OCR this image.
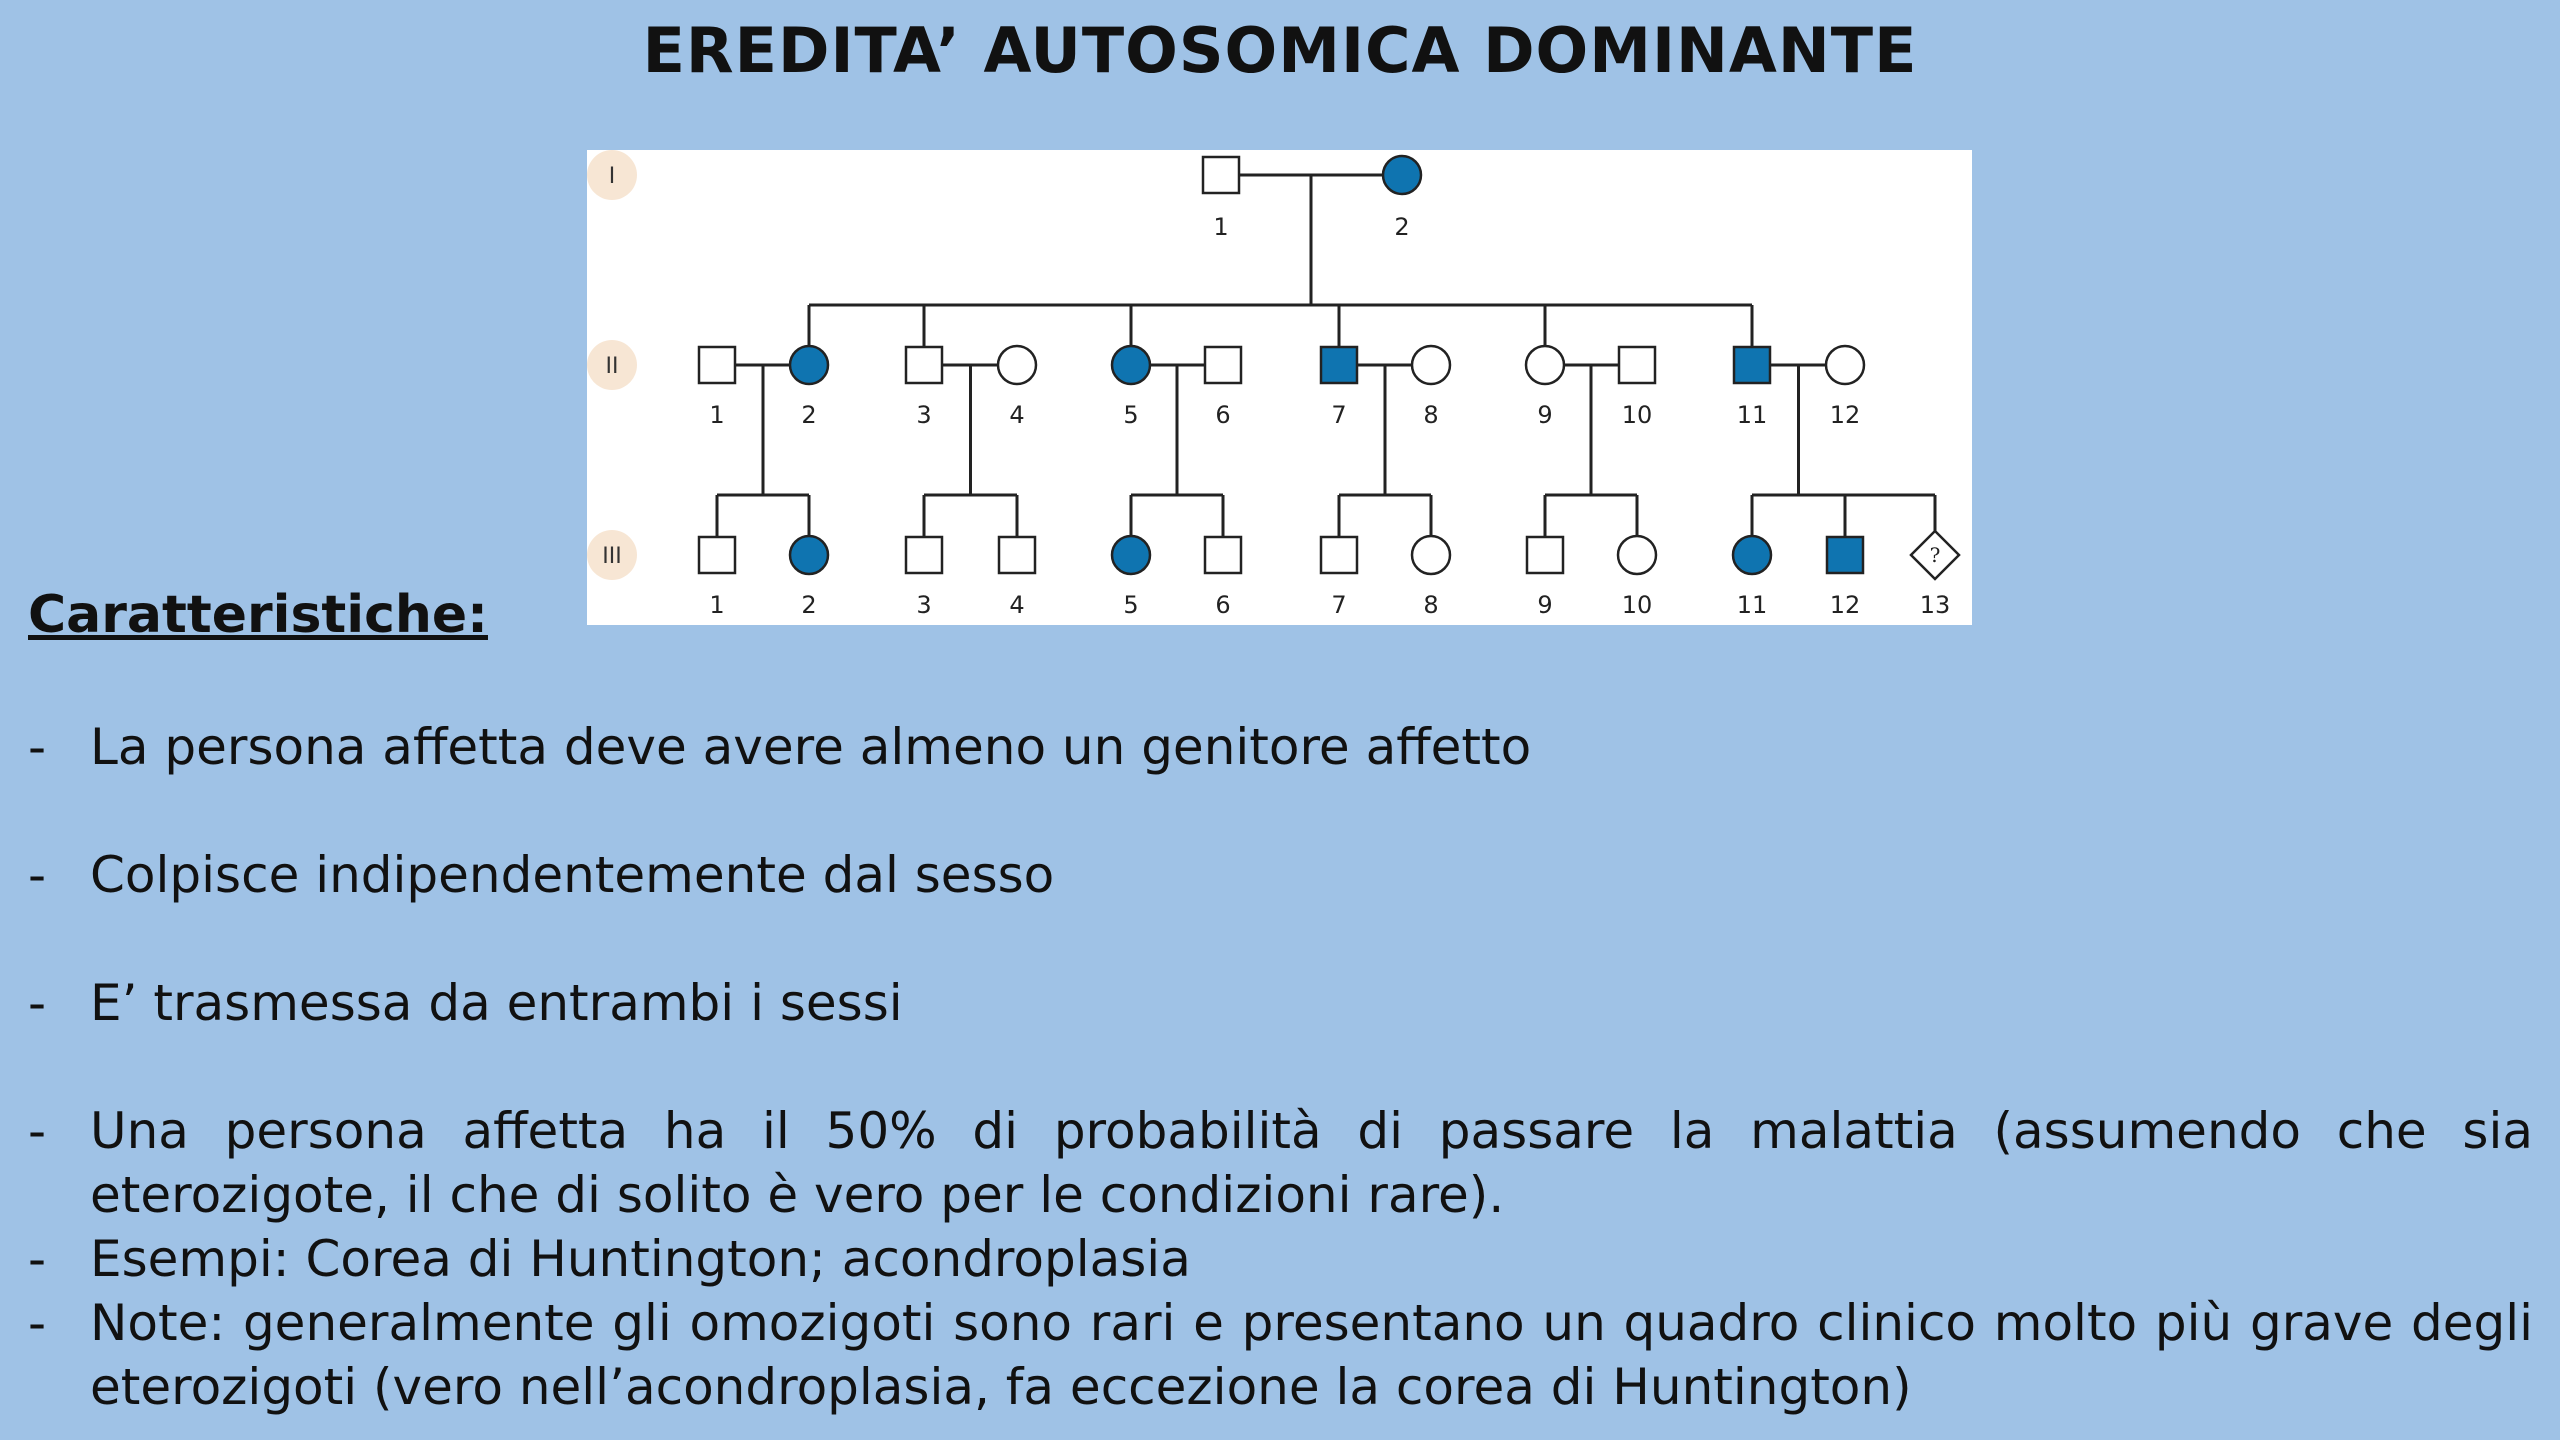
EREDITA’ AUTOSOMICA DOMINANTE
I
II
III
1	2
1	2	3	4	5	6	7	8	9	10	11	12
1	2	3	4	5	6	7	8	9	10	11	12
?
13
Caratteristiche:
- La persona affetta deve avere almeno un genitore affetto
- Colpisce indipendentemente dal sesso
- E’ trasmessa da entrambi i sessi
- Una persona affetta ha il 50% di probabilità di passare la malattia (assumendo che sia eterozigote, il che di solito è vero per le condizioni rare).
- Esempi: Corea di Huntington; acondroplasia
- Note: generalmente gli omozigoti sono rari e presentano un quadro clinico molto più grave degli eterozigoti (vero nell’acondroplasia, fa eccezione la corea di Huntington)
